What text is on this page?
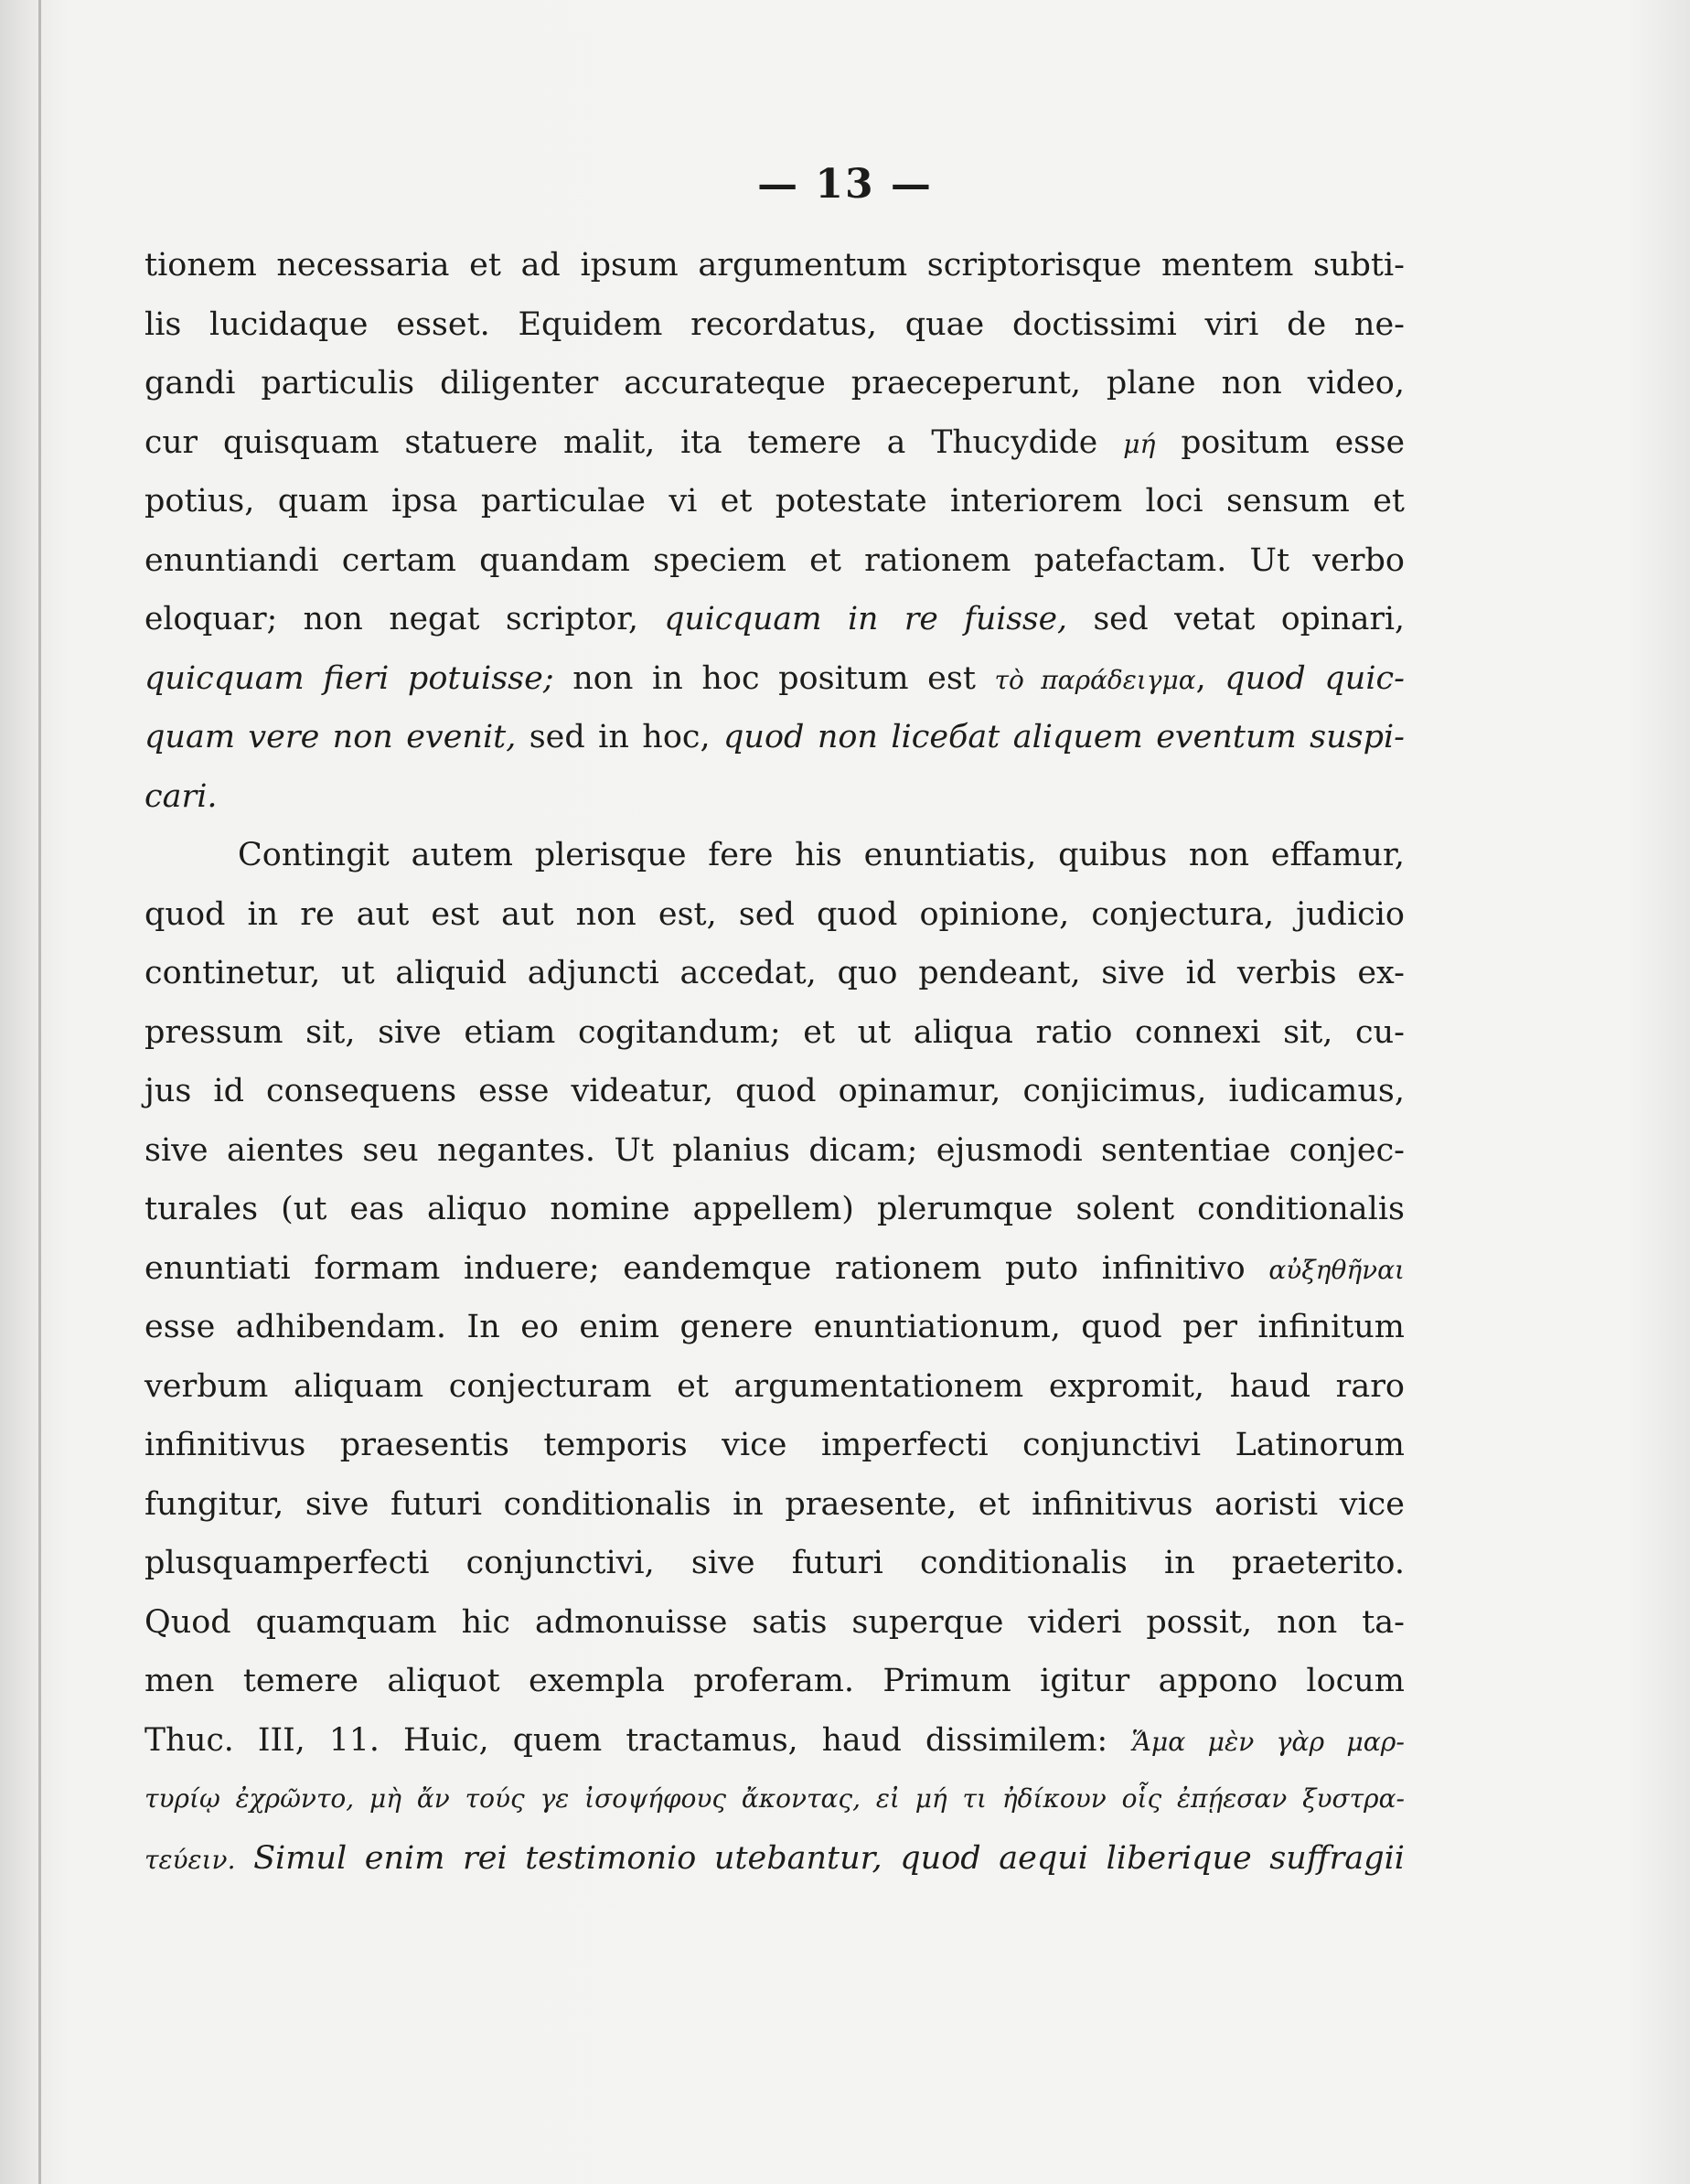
— 13 —
tionem necessaria et ad ipsum argumentum scriptorisque mentem subti-
lis lucidaque esset. Equidem recordatus, quae doctissimi viri de ne-
gandi particulis diligenter accurateque praeceperunt, plane non video,
cur quisquam statuere malit, ita temere a Thucydide μή positum esse
potius, quam ipsa particulae vi et potestate interiorem loci sensum et
enuntiandi certam quandam speciem et rationem patefactam. Ut verbo
eloquar; non negat scriptor, quicquam in re fuisse, sed vetat opinari,
quicquam fieri potuisse; non in hoc positum est τὸ παράδειγμα, quod quic-
quam vere non evenit, sed in hoc, quod non liceбat aliquem eventum suspi-
cari.
Contingit autem plerisque fere his enuntiatis, quibus non effamur,
quod in re aut est aut non est, sed quod opinione, conjectura, judicio
continetur, ut aliquid adjuncti accedat, quo pendeant, sive id verbis ex-
pressum sit, sive etiam cogitandum; et ut aliqua ratio connexi sit, cu-
jus id consequens esse videatur, quod opinamur, conjicimus, iudicamus,
sive aientes seu negantes. Ut planius dicam; ejusmodi sententiae conjec-
turales (ut eas aliquo nomine appellem) plerumque solent conditionalis
enuntiati formam induere; eandemque rationem puto infinitivo αὐξηθῆναι
esse adhibendam. In eo enim genere enuntiationum, quod per infinitum
verbum aliquam conjecturam et argumentationem expromit, haud raro
infinitivus praesentis temporis vice imperfecti conjunctivi Latinorum
fungitur, sive futuri conditionalis in praesente, et infinitivus aoristi vice
plusquamperfecti conjunctivi, sive futuri conditionalis in praeterito.
Quod quamquam hic admonuisse satis superque videri possit, non ta-
men temere aliquot exempla proferam. Primum igitur appono locum
Thuc. III, 11. Huic, quem tractamus, haud dissimilem: Ἅμα μὲν γὰρ μαρ-
τυρίῳ ἐχρῶντο, μὴ ἄν τούς γε ἰσοψήφους ἄκοντας, εἰ μή τι ἠδίκουν οἷς ἐπῄεσαν ξυστρα-
τεύειν. Simul enim rei testimonio utebantur, quod aequi liberique suffragii
